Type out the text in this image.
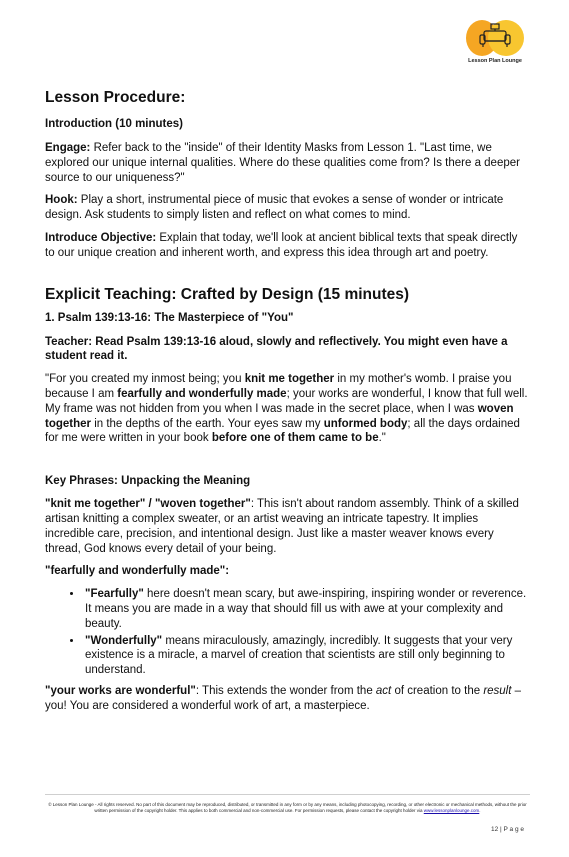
Lesson Plan Lounge
Lesson Procedure:
Introduction (10 minutes)

Engage: Refer back to the "inside" of their Identity Masks from Lesson 1. "Last time, we explored our unique internal qualities. Where do these qualities come from? Is there a deeper source to our uniqueness?"

Hook: Play a short, instrumental piece of music that evokes a sense of wonder or intricate design. Ask students to simply listen and reflect on what comes to mind.

Introduce Objective: Explain that today, we'll look at ancient biblical texts that speak directly to our unique creation and inherent worth, and express this idea through art and poetry.

Explicit Teaching: Crafted by Design (15 minutes)
1. Psalm 139:13-16: The Masterpiece of "You"

Teacher: Read Psalm 139:13-16 aloud, slowly and reflectively. You might even have a student read it.

"For you created my inmost being; you knit me together in my mother's womb. I praise you because I am fearfully and wonderfully made; your works are wonderful, I know that full well. My frame was not hidden from you when I was made in the secret place, when I was woven together in the depths of the earth. Your eyes saw my unformed body; all the days ordained for me were written in your book before one of them came to be."

Key Phrases: Unpacking the Meaning

"knit me together" / "woven together": This isn't about random assembly. Think of a skilled artisan knitting a complex sweater, or an artist weaving an intricate tapestry. It implies incredible care, precision, and intentional design. Just like a master weaver knows every thread, God knows every detail of your being.

"fearfully and wonderfully made":

• "Fearfully" here doesn't mean scary, but awe-inspiring, inspiring wonder or reverence. It means you are made in a way that should fill us with awe at your complexity and beauty.
• "Wonderfully" means miraculously, amazingly, incredibly. It suggests that your very existence is a miracle, a marvel of creation that scientists are still only beginning to understand.

"your works are wonderful": This extends the wonder from the act of creation to the result – you! You are considered a wonderful work of art, a masterpiece.

© Lesson Plan Lounge - All rights reserved. No part of this document may be reproduced, distributed, or transmitted in any form or by any means, including photocopying, recording, or other electronic or mechanical methods, without the prior written permission of the copyright holder. This applies to both commercial and non-commercial use. For permission requests, please contact the copyright holder via www.lessonplanlounge.com.
12 | P a g e
